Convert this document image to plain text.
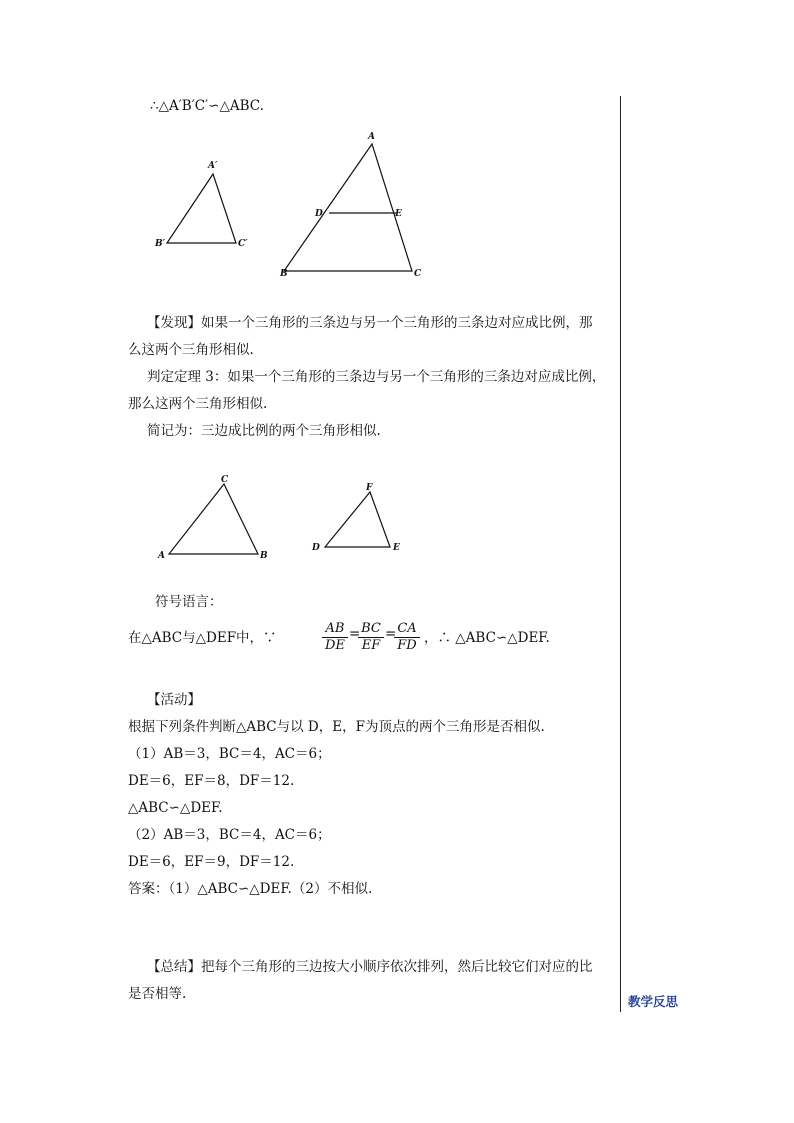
∴△A′B′C′∽△ABC.
A′
B′	C′
A
D	E
B	C
【发现】如果一个三角形的三条边与另一个三角形的三条边对应成比例，那
么这两个三角形相似.
判定定理 3：如果一个三角形的三条边与另一个三角形的三条边对应成比例，
那么这两个三角形相似.
简记为：三边成比例的两个三角形相似.
C
A	B
F
D	E
符号语言：
在△ABC与△DEF中，∵	$\frac{AB}{DE}$ =
$\frac{BC}{EF}$ =
$\frac{CA}{FD}$ ，∴ △ABC∽△DEF.
【活动】
根据下列条件判断△ABC与以 D，E，F为顶点的两个三角形是否相似.
（1）AB＝3，BC＝4，AC＝6；
DE＝6，EF＝8，DF＝12.
△ABC∽△DEF.
（2）AB＝3，BC＝4，AC＝6；
DE＝6，EF＝9，DF＝12.
答案：（1）△ABC∽△DEF.（2）不相似.
【总结】把每个三角形的三边按大小顺序依次排列，然后比较它们对应的比
是否相等.	教学反思
